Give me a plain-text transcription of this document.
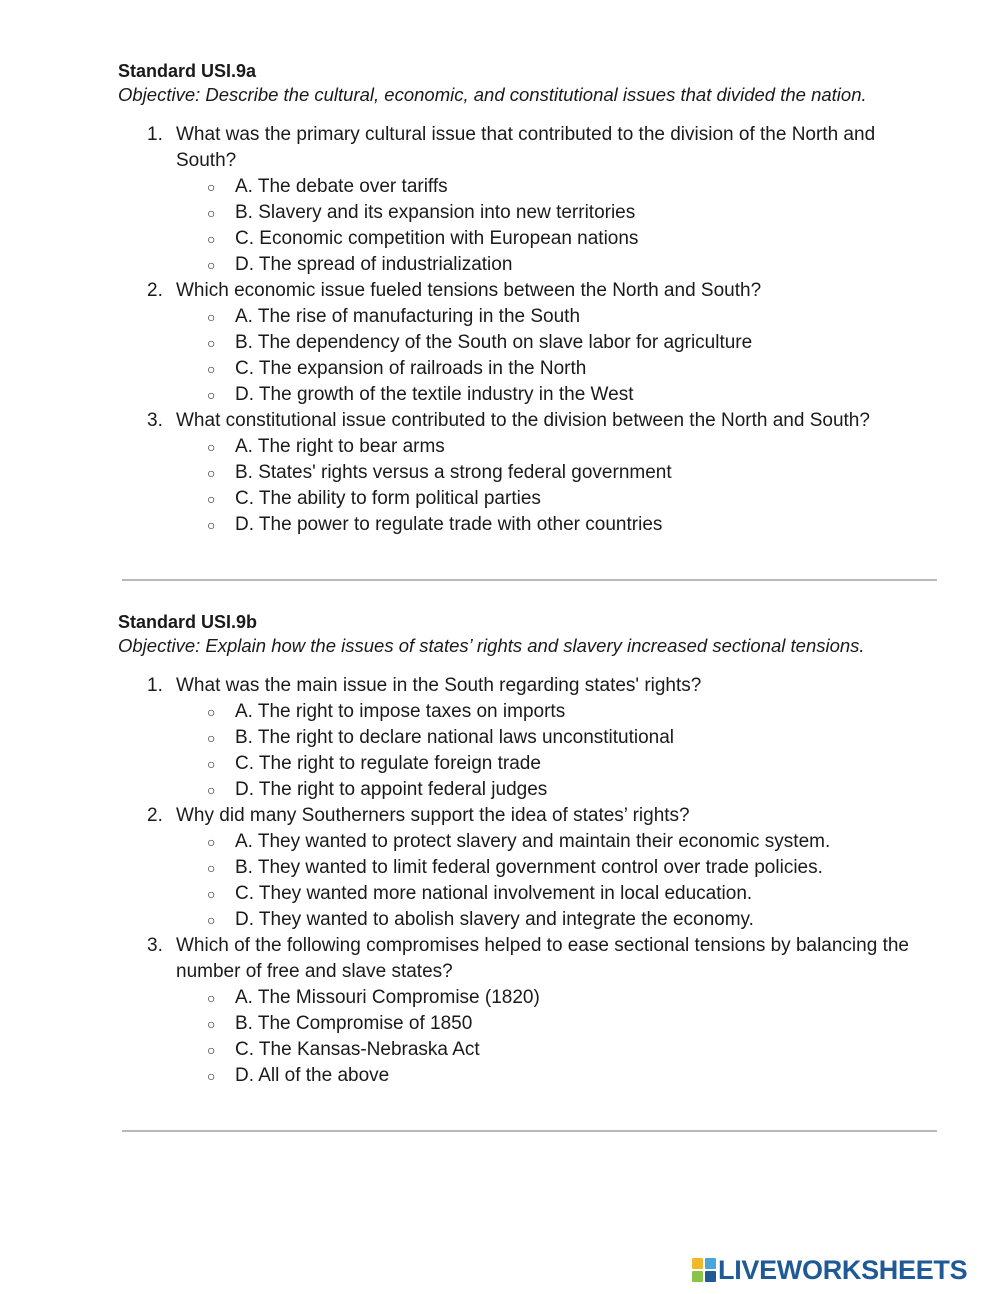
Standard USI.9a
Objective: Describe the cultural, economic, and constitutional issues that divided the nation.
1. What was the primary cultural issue that contributed to the division of the North and South?
○ A. The debate over tariffs
○ B. Slavery and its expansion into new territories
○ C. Economic competition with European nations
○ D. The spread of industrialization
2. Which economic issue fueled tensions between the North and South?
○ A. The rise of manufacturing in the South
○ B. The dependency of the South on slave labor for agriculture
○ C. The expansion of railroads in the North
○ D. The growth of the textile industry in the West
3. What constitutional issue contributed to the division between the North and South?
○ A. The right to bear arms
○ B. States' rights versus a strong federal government
○ C. The ability to form political parties
○ D. The power to regulate trade with other countries
Standard USI.9b
Objective: Explain how the issues of states’ rights and slavery increased sectional tensions.
1. What was the main issue in the South regarding states' rights?
○ A. The right to impose taxes on imports
○ B. The right to declare national laws unconstitutional
○ C. The right to regulate foreign trade
○ D. The right to appoint federal judges
2. Why did many Southerners support the idea of states’ rights?
○ A. They wanted to protect slavery and maintain their economic system.
○ B. They wanted to limit federal government control over trade policies.
○ C. They wanted more national involvement in local education.
○ D. They wanted to abolish slavery and integrate the economy.
3. Which of the following compromises helped to ease sectional tensions by balancing the number of free and slave states?
○ A. The Missouri Compromise (1820)
○ B. The Compromise of 1850
○ C. The Kansas-Nebraska Act
○ D. All of the above
LIVEWORKSHEETS
